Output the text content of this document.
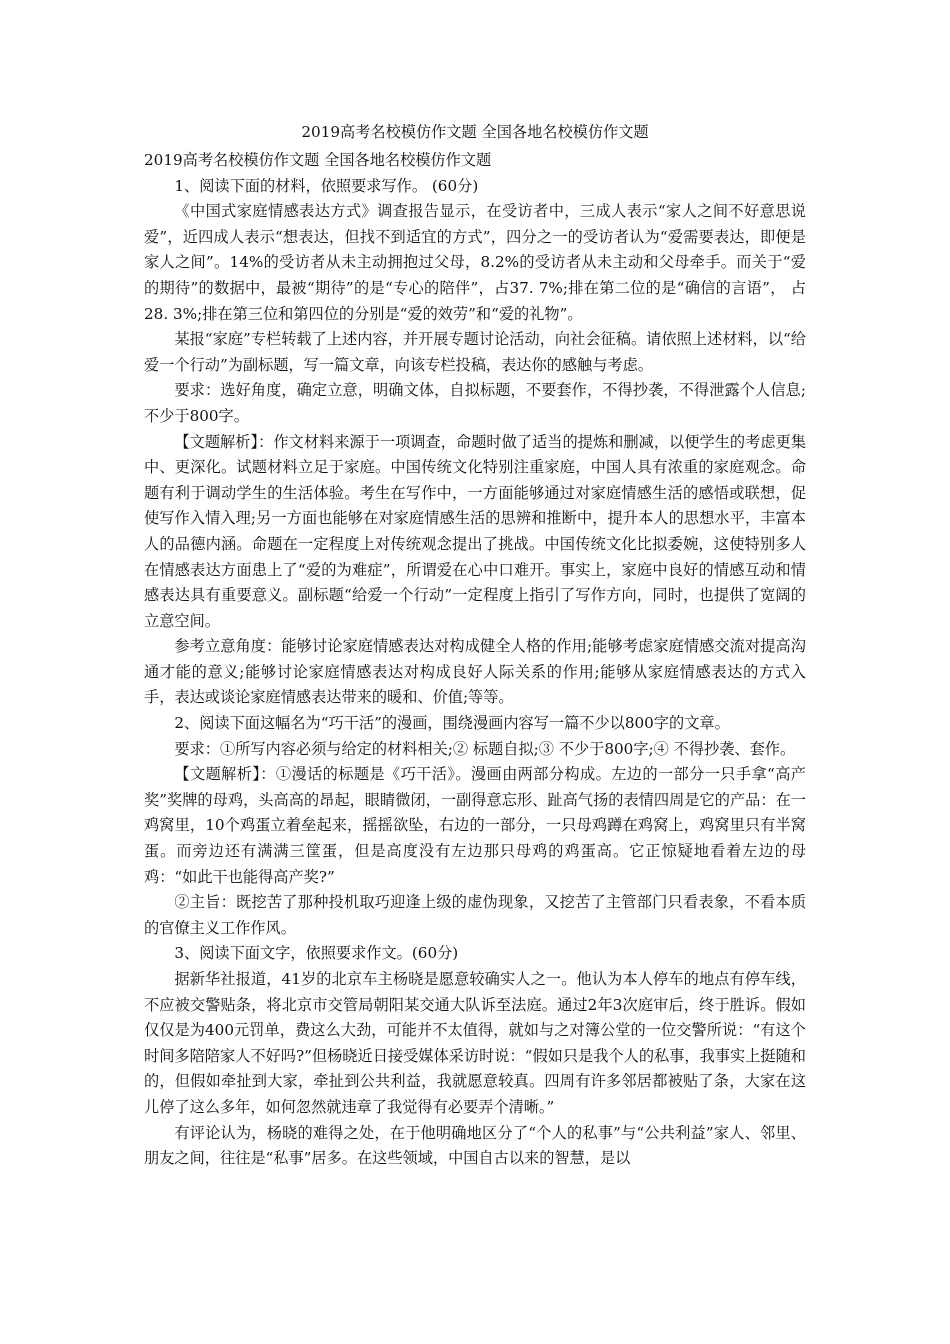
2019高考名校模仿作文题 全国各地名校模仿作文题
2019高考名校模仿作文题 全国各地名校模仿作文题

1、阅读下面的材料，依照要求写作。 (60分)

《中国式家庭情感表达方式》调查报告显示，在受访者中，三成人表示“家人之间不好意思说爱”，近四成人表示“想表达，但找不到适宜的方式”，四分之一的受访者认为“爱需要表达，即便是家人之间”。14%的受访者从未主动拥抱过父母，8.2%的受访者从未主动和父母牵手。而关于“爱的期待”的数据中，最被“期待”的是“专心的陪伴”，占37. 7%;排在第二位的是“确信的言语”， 占28. 3%;排在第三位和第四位的分别是“爱的效劳”和“爱的礼物”。

某报“家庭”专栏转载了上述内容，并开展专题讨论活动，向社会征稿。请依照上述材料，以“给爱一个行动”为副标题，写一篇文章，向该专栏投稿，表达你的感触与考虑。

要求：选好角度，确定立意，明确文体，自拟标题，不要套作，不得抄袭，不得泄露个人信息;不少于800字。

【文题解析】：作文材料来源于一项调查，命题时做了适当的提炼和删减，以便学生的考虑更集中、更深化。试题材料立足于家庭。中国传统文化特别注重家庭，中国人具有浓重的家庭观念。命题有利于调动学生的生活体验。考生在写作中，一方面能够通过对家庭情感生活的感悟或联想，促使写作入情入理;另一方面也能够在对家庭情感生活的思辨和推断中，提升本人的思想水平，丰富本人的品德内涵。命题在一定程度上对传统观念提出了挑战。中国传统文化比拟委婉，这使特别多人在情感表达方面患上了“爱的为难症”，所谓爱在心中口难开。事实上，家庭中良好的情感互动和情感表达具有重要意义。副标题“给爱一个行动”一定程度上指引了写作方向，同时，也提供了宽阔的立意空间。

参考立意角度：能够讨论家庭情感表达对构成健全人格的作用;能够考虑家庭情感交流对提高沟通才能的意义;能够讨论家庭情感表达对构成良好人际关系的作用;能够从家庭情感表达的方式入手，表达或谈论家庭情感表达带来的暖和、价值;等等。

2、阅读下面这幅名为“巧干活”的漫画，围绕漫画内容写一篇不少以800字的文章。

要求：①所写内容必须与给定的材料相关;② 标题自拟;③ 不少于800字;④ 不得抄袭、套作。

【文题解析】：①漫话的标题是《巧干活》。漫画由两部分构成。左边的一部分一只手拿“高产奖”奖牌的母鸡，头高高的昂起，眼睛微闭，一副得意忘形、趾高气扬的表情四周是它的产品：在一鸡窝里，10个鸡蛋立着垒起来，摇摇欲坠，右边的一部分，一只母鸡蹲在鸡窝上，鸡窝里只有半窝蛋。而旁边还有满满三筐蛋，但是高度没有左边那只母鸡的鸡蛋高。它正惊疑地看着左边的母鸡：“如此干也能得高产奖?”

②主旨：既挖苦了那种投机取巧迎逢上级的虚伪现象，又挖苦了主管部门只看表象，不看本质的官僚主义工作作风。

3、阅读下面文字，依照要求作文。(60分)

据新华社报道，41岁的北京车主杨晓是愿意较确实人之一。他认为本人停车的地点有停车线，不应被交警贴条，将北京市交管局朝阳某交通大队诉至法庭。通过2年3次庭审后，终于胜诉。假如仅仅是为400元罚单，费这么大劲，可能并不太值得，就如与之对簿公堂的一位交警所说：“有这个时间多陪陪家人不好吗?”但杨晓近日接受媒体采访时说：“假如只是我个人的私事，我事实上挺随和的，但假如牵扯到大家，牵扯到公共利益，我就愿意较真。四周有许多邻居都被贴了条，大家在这儿停了这么多年，如何忽然就违章了我觉得有必要弄个清晰。”

有评论认为，杨晓的难得之处，在于他明确地区分了“个人的私事”与“公共利益”家人、邻里、朋友之间，往往是“私事”居多。在这些领域，中国自古以来的智慧，是以
